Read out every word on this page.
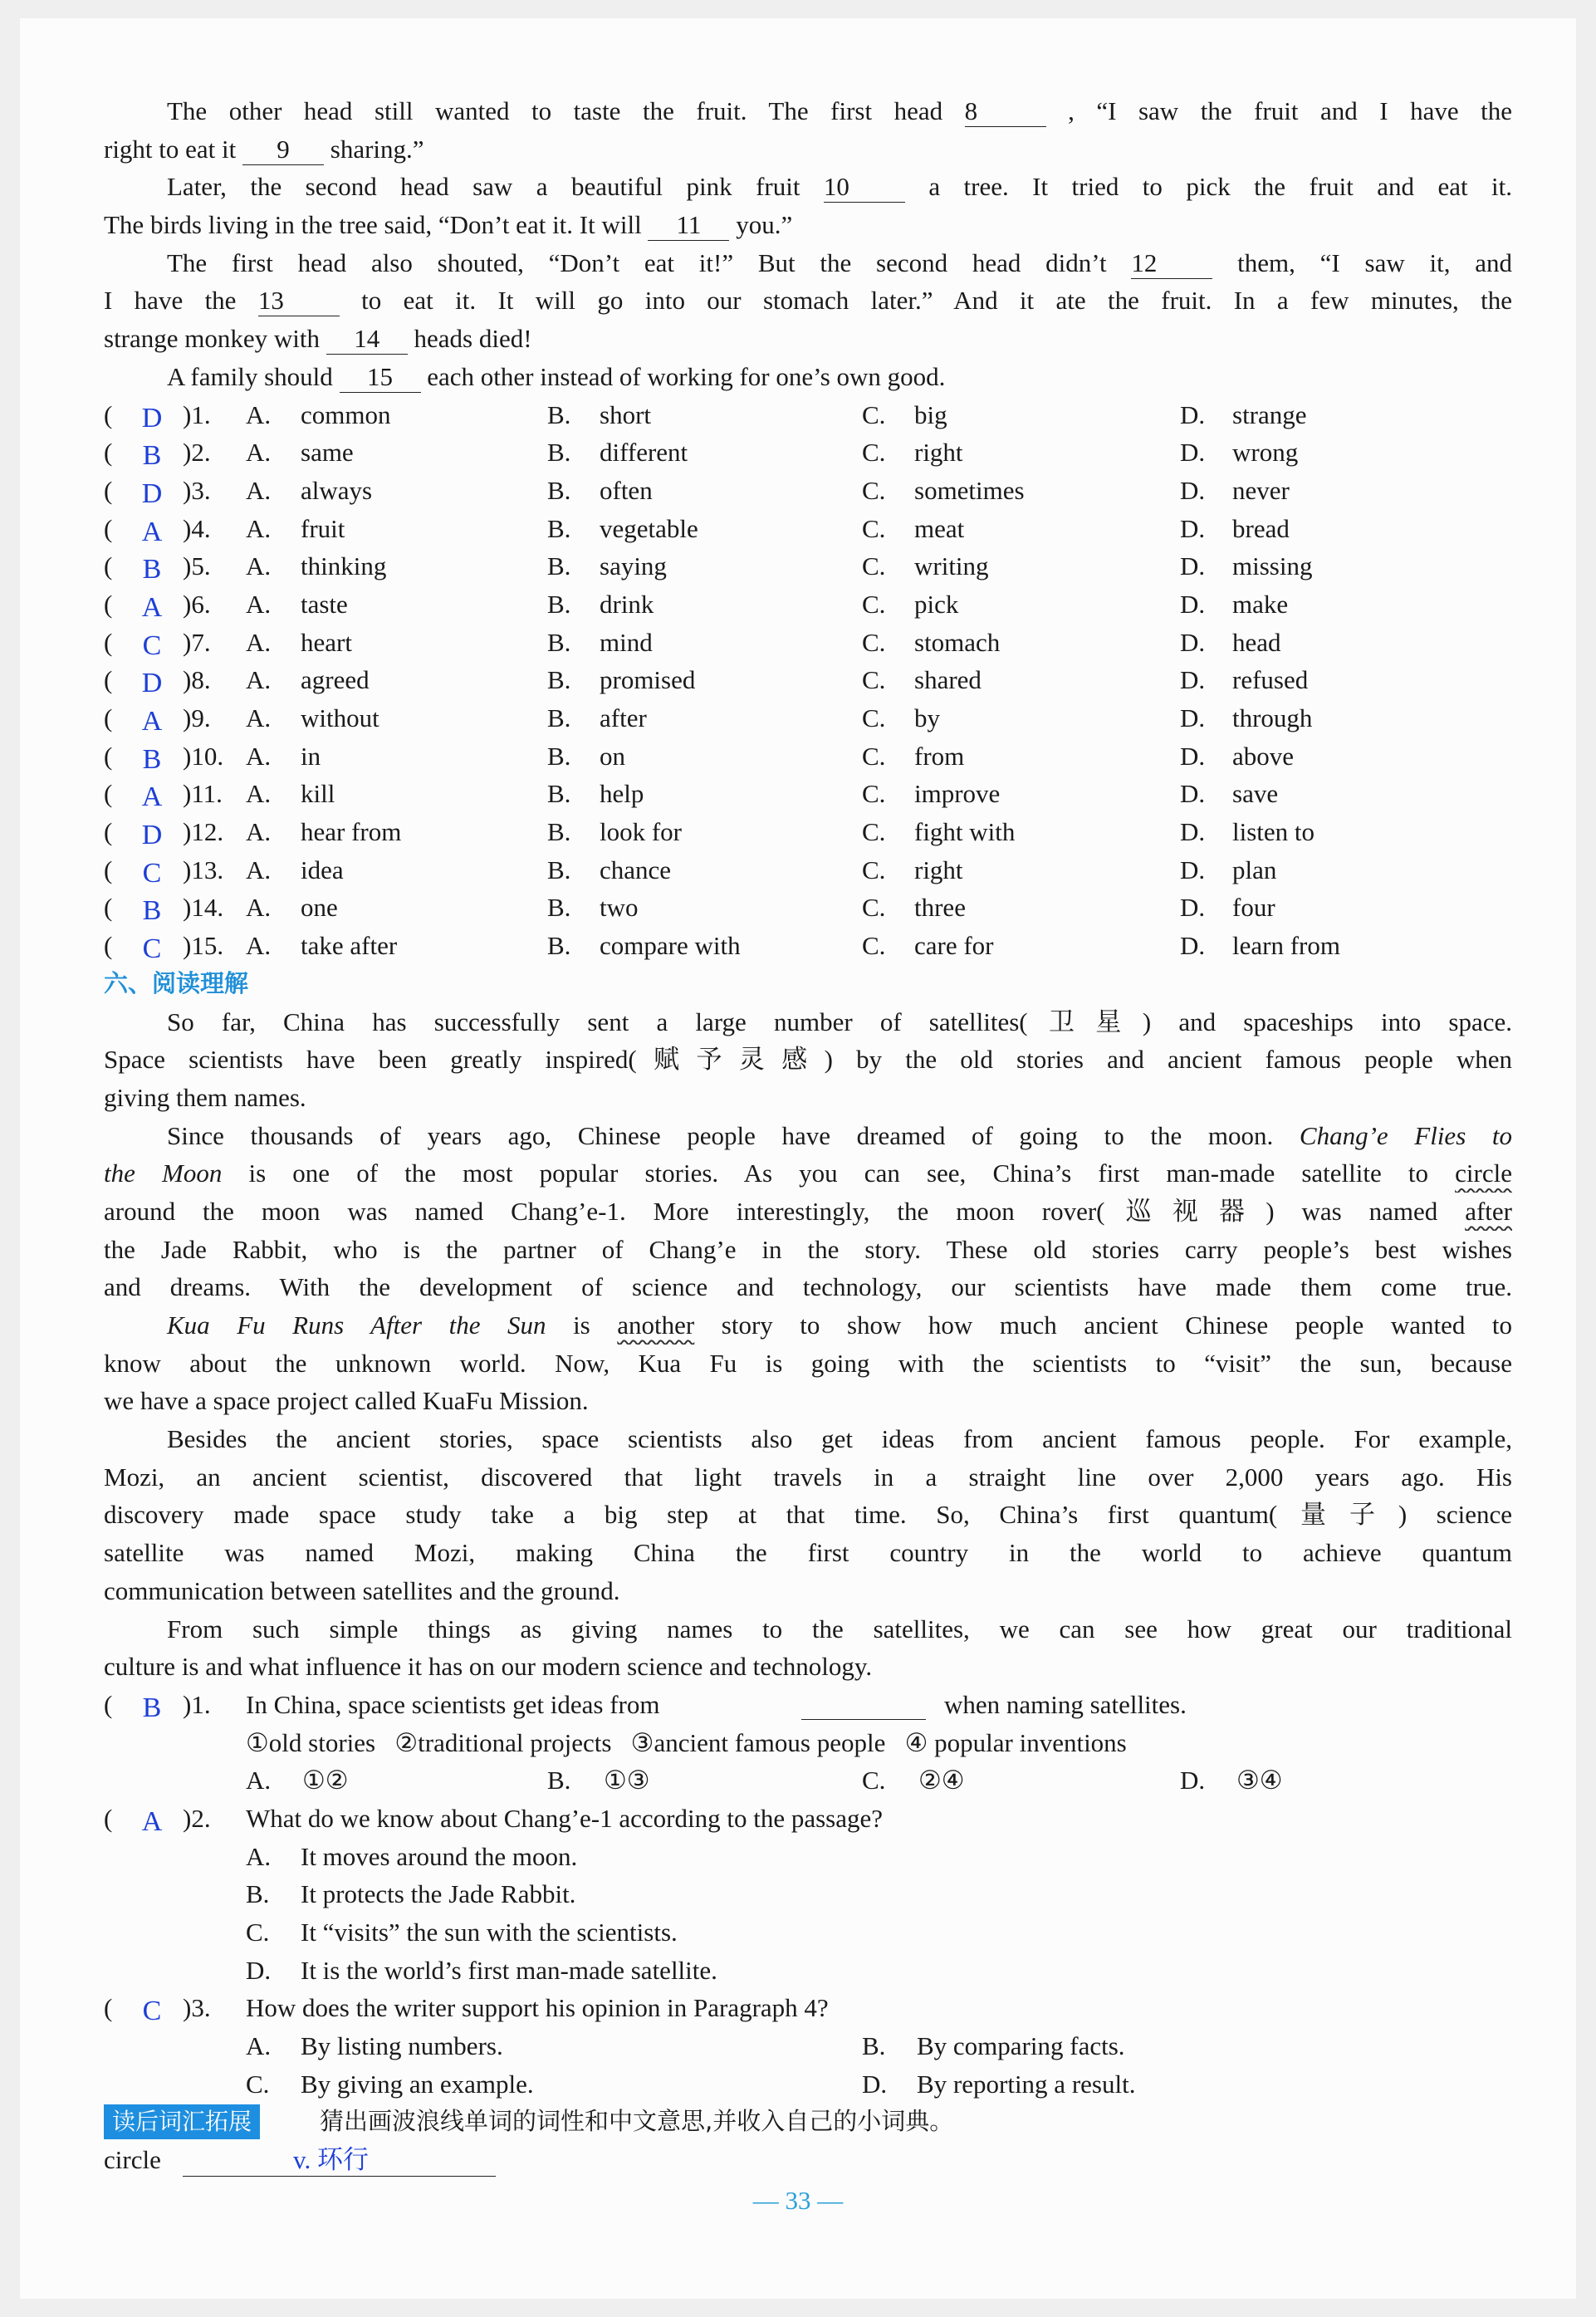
The other head still wanted to taste the fruit. The first head 8	, “I saw the fruit and I have the
right to eat it 9 sharing.”
Later, the second head saw a beautiful pink fruit 10 a tree. It tried to pick the fruit and eat it.
The birds living in the tree said, “Don’t eat it. It will 11 you.”
The first head also shouted, “Don’t eat it!” But the second head didn’t 12 them, “I saw it, and
I have the 13 to eat it. It will go into our stomach later.” And it ate the fruit. In a few minutes, the
strange monkey with 14 heads died!
A family should 15 each other instead of working for one’s own good.
( D )1. A. common	B. short	C. big	D. strange
( B )2. A. same	B. different	C. right	D. wrong
( D )3. A. always	B. often	C. sometimes	D. never
( A )4. A. fruit	B. vegetable	C. meat	D. bread
( B )5. A. thinking	B. saying	C. writing	D. missing
( A )6. A. taste	B. drink	C. pick	D. make
( C )7. A. heart	B. mind	C. stomach	D. head
( D )8. A. agreed	B. promised	C. shared	D. refused
( A )9. A. without	B. after	C. by	D. through
( B )10. A. in	B. on	C. from	D. above
( A )11. A. kill	B. help	C. improve	D. save
( D )12. A. hear from	B. look for	C. fight with	D. listen to
( C )13. A. idea	B. chance	C. right	D. plan
( B )14. A. one	B. two	C. three	D. four
( C )15. A. take after	B. compare with	C. care for	D. learn from
六、阅读理解
So far, China has successfully sent a large number of satellites(卫星) and spaceships into space.
Space scientists have been greatly inspired(赋予灵感) by the old stories and ancient famous people when
giving them names.
Since thousands of years ago, Chinese people have dreamed of going to the moon. Chang’e Flies to
the Moon is one of the most popular stories. As you can see, China’s first man-made satellite to circle
around the moon was named Chang’e-1. More interestingly, the moon rover(巡视器) was named after
the Jade Rabbit, who is the partner of Chang’e in the story. These old stories carry people’s best wishes
and dreams. With the development of science and technology, our scientists have made them come true.
Kua Fu Runs After the Sun is another story to show how much ancient Chinese people wanted to
know about the unknown world. Now, Kua Fu is going with the scientists to “visit” the sun, because
we have a space project called KuaFu Mission.
Besides the ancient stories, space scientists also get ideas from ancient famous people. For example,
Mozi, an ancient scientist, discovered that light travels in a straight line over 2,000 years ago. His
discovery made space study take a big step at that time. So, China’s first quantum(量子) science
satellite was named Mozi, making China the first country in the world to achieve quantum
communication between satellites and the ground.
From such simple things as giving names to the satellites, we can see how great our traditional
culture is and what influence it has on our modern science and technology.
( B )1. In China, space scientists get ideas from	when naming satellites.
①old stories   ②traditional projects   ③ancient famous people   ④ popular inventions
A. ①②	B. ①③	C. ②④	D. ③④
( A )2. What do we know about Chang’e-1 according to the passage?
A. It moves around the moon.
B. It protects the Jade Rabbit.
C. It “visits” the sun with the scientists.
D. It is the world’s first man-made satellite.
( C )3. How does the writer support his opinion in Paragraph 4?
A. By listing numbers.	B. By comparing facts.
C. By giving an example.	D. By reporting a result.
读后词汇拓展	猜出画波浪线单词的词性和中文意思,并收入自己的小词典。
circle	v. 环行
— 33 —
